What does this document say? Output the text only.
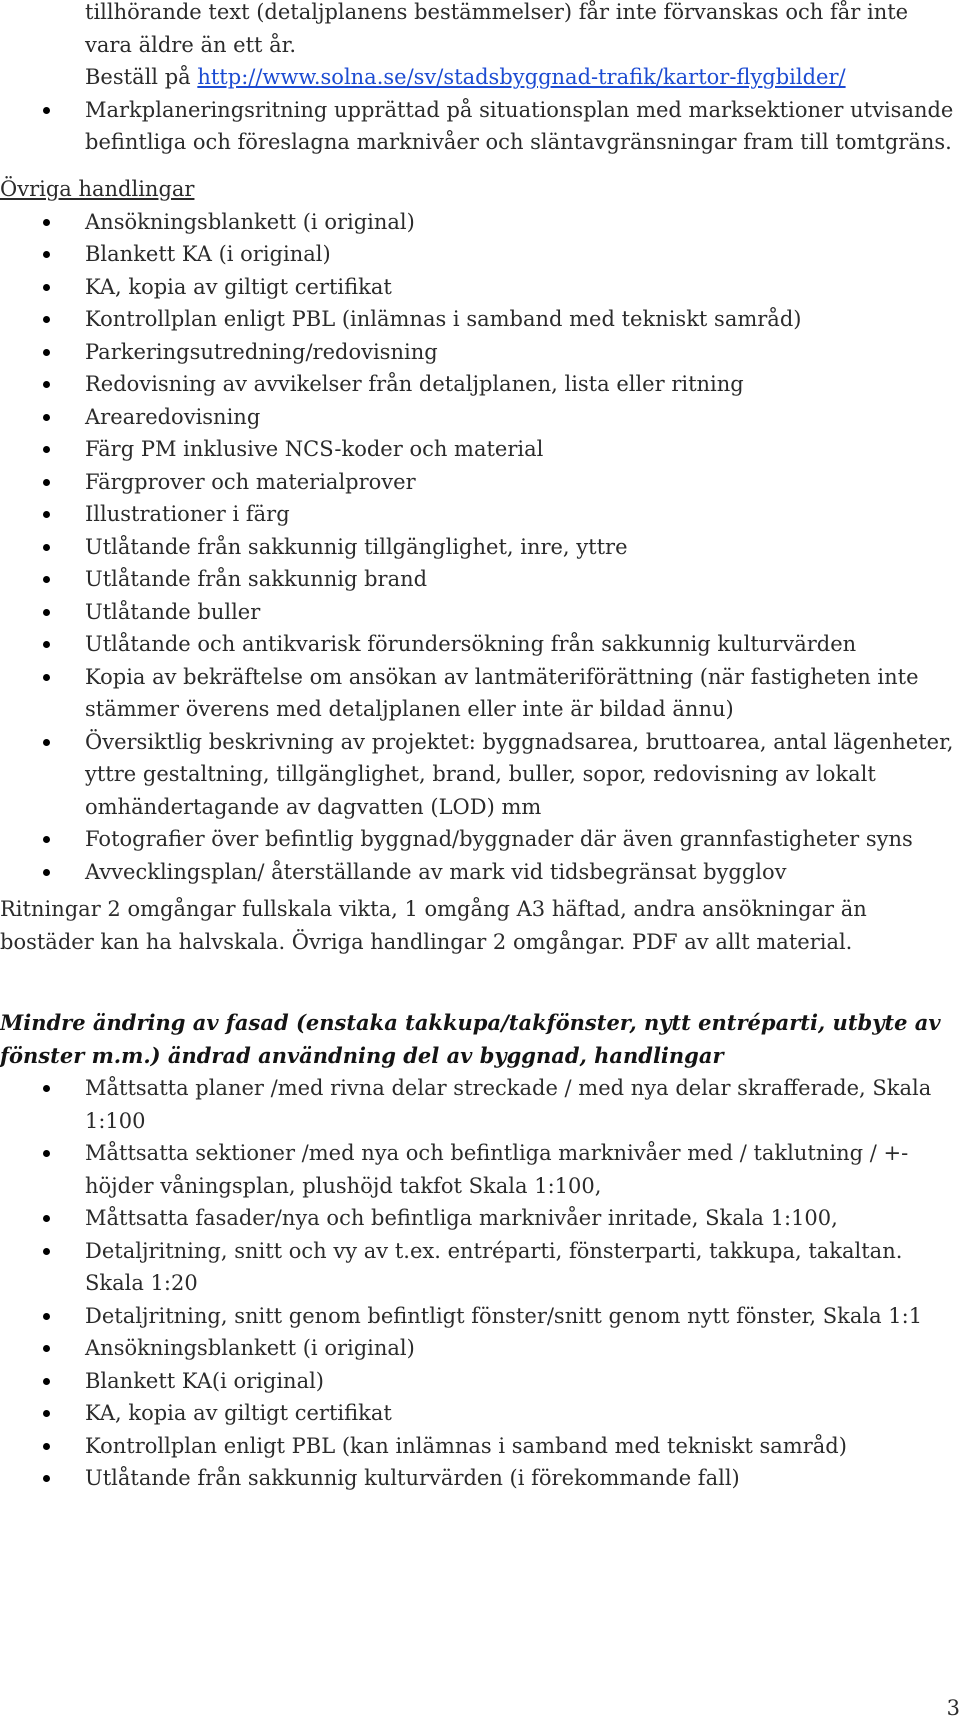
tillhörande text (detaljplanens bestämmelser) får inte förvanskas och får inte
vara äldre än ett år.
Beställ på http://www.solna.se/sv/stadsbyggnad-trafik/kartor-flygbilder/
Markplaneringsritning upprättad på situationsplan med marksektioner utvisande
befintliga och föreslagna marknivåer och släntavgränsningar fram till tomtgräns.
Övriga handlingar
Ansökningsblankett (i original)
Blankett KA (i original)
KA, kopia av giltigt certifikat
Kontrollplan enligt PBL (inlämnas i samband med tekniskt samråd)
Parkeringsutredning/redovisning
Redovisning av avvikelser från detaljplanen, lista eller ritning
Arearedovisning
Färg PM inklusive NCS-koder och material
Färgprover och materialprover
Illustrationer i färg
Utlåtande från sakkunnig tillgänglighet, inre, yttre
Utlåtande från sakkunnig brand
Utlåtande buller
Utlåtande och antikvarisk förundersökning från sakkunnig kulturvärden
Kopia av bekräftelse om ansökan av lantmäteriförättning (när fastigheten inte
stämmer överens med detaljplanen eller inte är bildad ännu)
Översiktlig beskrivning av projektet: byggnadsarea, bruttoarea, antal lägenheter,
yttre gestaltning, tillgänglighet, brand, buller, sopor, redovisning av lokalt
omhändertagande av dagvatten (LOD) mm
Fotografier över befintlig byggnad/byggnader där även grannfastigheter syns
Avvecklingsplan/ återställande av mark vid tidsbegränsat bygglov
Ritningar 2 omgångar fullskala vikta, 1 omgång A3 häftad, andra ansökningar än
bostäder kan ha halvskala. Övriga handlingar 2 omgångar. PDF av allt material.
Mindre ändring av fasad (enstaka takkupa/takfönster, nytt entréparti, utbyte av
fönster m.m.) ändrad användning del av byggnad, handlingar
Måttsatta planer /med rivna delar streckade / med nya delar skrafferade, Skala
1:100
Måttsatta sektioner /med nya och befintliga marknivåer med / taklutning / +-
höjder våningsplan, plushöjd takfot Skala 1:100,
Måttsatta fasader/nya och befintliga marknivåer inritade, Skala 1:100,
Detaljritning, snitt och vy av t.ex. entréparti, fönsterparti, takkupa, takaltan.
Skala 1:20
Detaljritning, snitt genom befintligt fönster/snitt genom nytt fönster, Skala 1:1
Ansökningsblankett (i original)
Blankett KA(i original)
KA, kopia av giltigt certifikat
Kontrollplan enligt PBL (kan inlämnas i samband med tekniskt samråd)
Utlåtande från sakkunnig kulturvärden (i förekommande fall)
3
